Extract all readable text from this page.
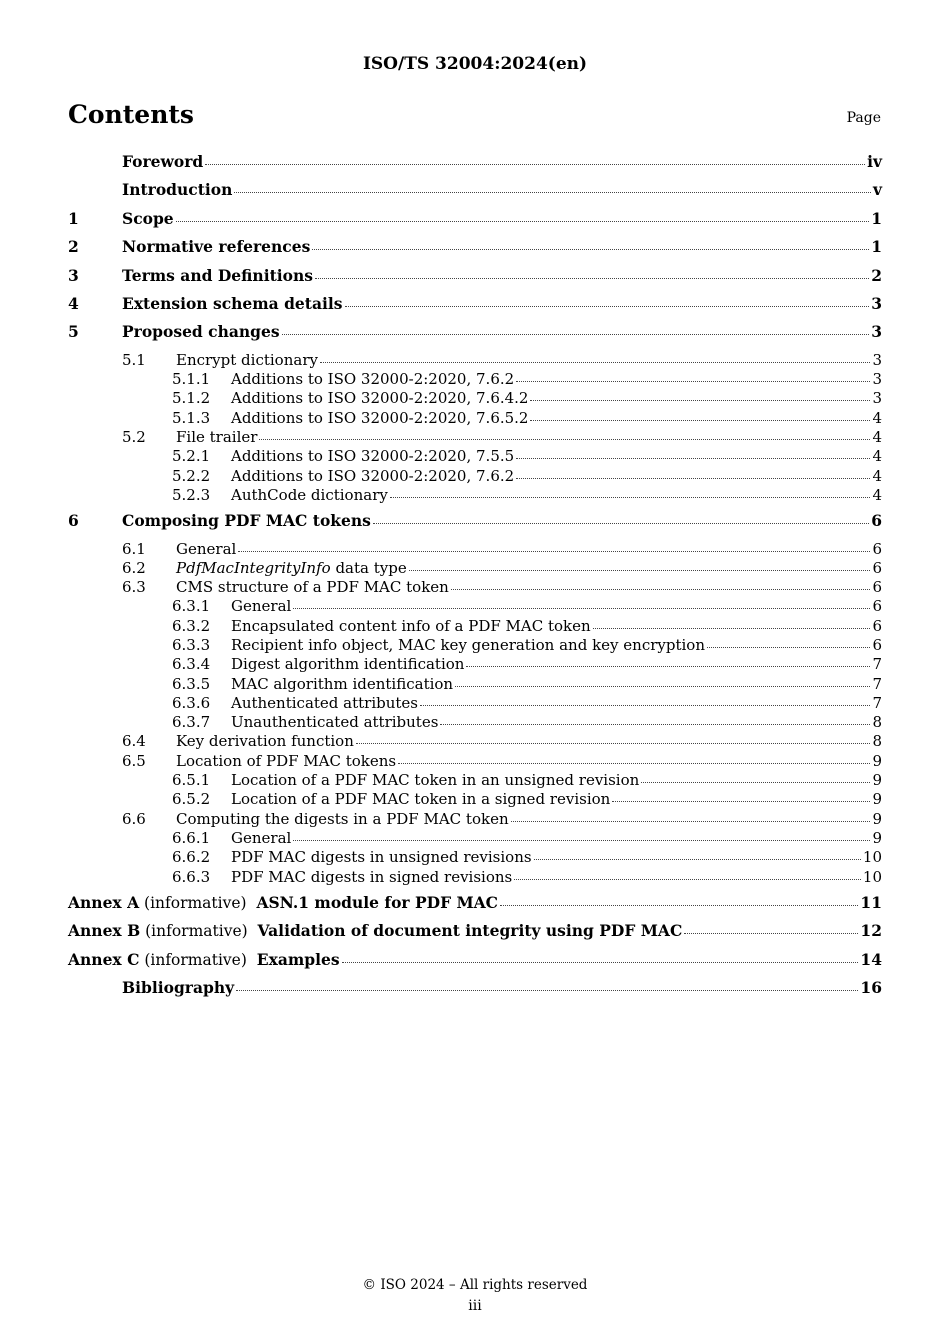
ISO/TS 32004:2024(en)
Contents	Page
Foreword	iv
Introduction	v
1	Scope	1
2	Normative references	1
3	Terms and Definitions	2
4	Extension schema details	3
5	Proposed changes	3
5.1	Encrypt dictionary	3
5.1.1	Additions to ISO 32000-2:2020, 7.6.2	3
5.1.2	Additions to ISO 32000-2:2020, 7.6.4.2	3
5.1.3	Additions to ISO 32000-2:2020, 7.6.5.2	4
5.2	File trailer	4
5.2.1	Additions to ISO 32000-2:2020, 7.5.5	4
5.2.2	Additions to ISO 32000-2:2020, 7.6.2	4
5.2.3	AuthCode dictionary	4
6	Composing PDF MAC tokens	6
6.1	General	6
6.2	PdfMacIntegrityInfo data type	6
6.3	CMS structure of a PDF MAC token	6
6.3.1	General	6
6.3.2	Encapsulated content info of a PDF MAC token	6
6.3.3	Recipient info object, MAC key generation and key encryption	6
6.3.4	Digest algorithm identification	7
6.3.5	MAC algorithm identification	7
6.3.6	Authenticated attributes	7
6.3.7	Unauthenticated attributes	8
6.4	Key derivation function	8
6.5	Location of PDF MAC tokens	9
6.5.1	Location of a PDF MAC token in an unsigned revision	9
6.5.2	Location of a PDF MAC token in a signed revision	9
6.6	Computing the digests in a PDF MAC token	9
6.6.1	General	9
6.6.2	PDF MAC digests in unsigned revisions	10
6.6.3	PDF MAC digests in signed revisions	10
Annex A (informative)  ASN.1 module for PDF MAC	11
Annex B (informative)  Validation of document integrity using PDF MAC	12
Annex C (informative)  Examples	14
Bibliography	16
© ISO 2024 – All rights reserved
iii
